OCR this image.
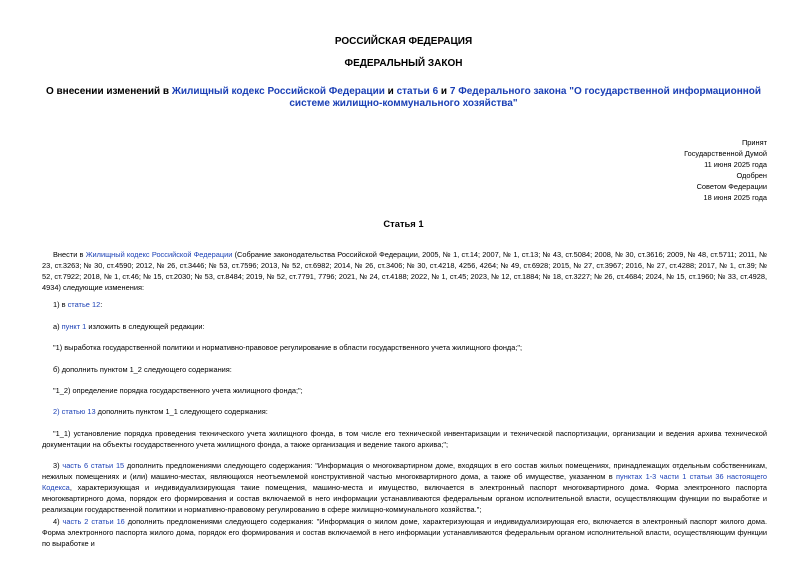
РОССИЙСКАЯ ФЕДЕРАЦИЯ
ФЕДЕРАЛЬНЫЙ ЗАКОН
О внесении изменений в Жилищный кодекс Российской Федерации и статьи 6 и 7 Федерального закона "О государственной информационной системе жилищно-коммунального хозяйства"
Принят
Государственной Думой
11 июня 2025 года
Одобрен
Советом Федерации
18 июня 2025 года
Статья 1
Внести в Жилищный кодекс Российской Федерации (Собрание законодательства Российской Федерации, 2005, № 1, ст.14; 2007, № 1, ст.13; № 43, ст.5084; 2008, № 30, ст.3616; 2009, № 48, ст.5711; 2011, № 23, ст.3263; № 30, ст.4590; 2012, № 26, ст.3446; № 53, ст.7596; 2013, № 52, ст.6982; 2014, № 26, ст.3406; № 30, ст.4218, 4256, 4264; № 49, ст.6928; 2015, № 27, ст.3967; 2016, № 27, ст.4288; 2017, № 1, ст.39; № 52, ст.7922; 2018, № 1, ст.46; № 15, ст.2030; № 53, ст.8484; 2019, № 52, ст.7791, 7796; 2021, № 24, ст.4188; 2022, № 1, ст.45; 2023, № 12, ст.1884; № 18, ст.3227; № 26, ст.4684; 2024, № 15, ст.1960; № 33, ст.4928, 4934) следующие изменения:
1) в статье 12:
а) пункт 1 изложить в следующей редакции:
"1) выработка государственной политики и нормативно-правовое регулирование в области государственного учета жилищного фонда;";
б) дополнить пунктом 1_2 следующего содержания:
"1_2) определение порядка государственного учета жилищного фонда;";
2) статью 13 дополнить пунктом 1_1 следующего содержания:
"1_1) установление порядка проведения технического учета жилищного фонда, в том числе его технической инвентаризации и технической паспортизации, организации и ведения архива технической документации на объекты государственного учета жилищного фонда, а также организация и ведение такого архива;";
3) часть 6 статьи 15 дополнить предложениями следующего содержания: "Информация о многоквартирном доме, входящих в его состав жилых помещениях, принадлежащих отдельным собственникам, нежилых помещениях и (или) машино-местах, являющихся неотъемлемой конструктивной частью многоквартирного дома, а также об имуществе, указанном в пунктах 1-3 части 1 статьи 36 настоящего Кодекса, характеризующая и индивидуализирующая такие помещения, машино-места и имущество, включается в электронный паспорт многоквартирного дома. Форма электронного паспорта многоквартирного дома, порядок его формирования и состав включаемой в него информации устанавливаются федеральным органом исполнительной власти, осуществляющим функции по выработке и реализации государственной политики и нормативно-правовому регулированию в сфере жилищно-коммунального хозяйства.";
4) часть 2 статьи 16 дополнить предложениями следующего содержания: "Информация о жилом доме, характеризующая и индивидуализирующая его, включается в электронный паспорт жилого дома. Форма электронного паспорта жилого дома, порядок его формирования и состав включаемой в него информации устанавливаются федеральным органом исполнительной власти, осуществляющим функции по выработке и
